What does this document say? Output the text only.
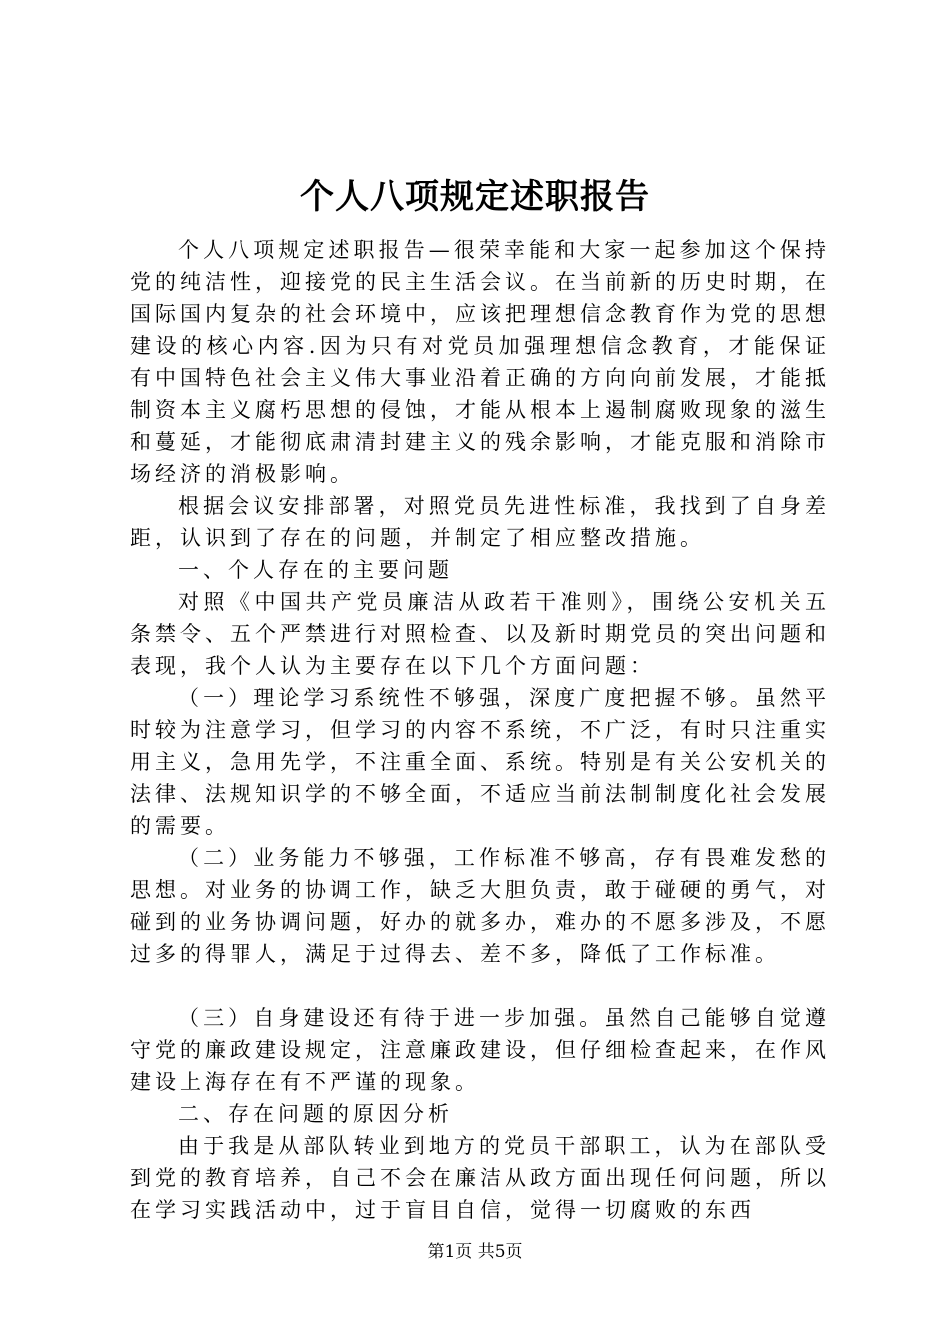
个人八项规定述职报告

个人八项规定述职报告—很荣幸能和大家一起参加这个保持党的纯洁性，迎接党的民主生活会议。在当前新的历史时期，在国际国内复杂的社会环境中，应该把理想信念教育作为党的思想建设的核心内容.因为只有对党员加强理想信念教育，才能保证有中国特色社会主义伟大事业沿着正确的方向向前发展，才能抵制资本主义腐朽思想的侵蚀，才能从根本上遏制腐败现象的滋生和蔓延，才能彻底肃清封建主义的残余影响，才能克服和消除市场经济的消极影响。

根据会议安排部署，对照党员先进性标准，我找到了自身差距，认识到了存在的问题，并制定了相应整改措施。

一、个人存在的主要问题

对照《中国共产党员廉洁从政若干准则》，围绕公安机关五条禁令、五个严禁进行对照检查、以及新时期党员的突出问题和表现，我个人认为主要存在以下几个方面问题：

（一）理论学习系统性不够强，深度广度把握不够。虽然平时较为注意学习，但学习的内容不系统，不广泛，有时只注重实用主义，急用先学，不注重全面、系统。特别是有关公安机关的法律、法规知识学的不够全面，不适应当前法制制度化社会发展的需要。

（二）业务能力不够强，工作标准不够高，存有畏难发愁的思想。对业务的协调工作，缺乏大胆负责，敢于碰硬的勇气，对碰到的业务协调问题，好办的就多办，难办的不愿多涉及，不愿过多的得罪人，满足于过得去、差不多，降低了工作标准。

（三）自身建设还有待于进一步加强。虽然自己能够自觉遵守党的廉政建设规定，注意廉政建设，但仔细检查起来，在作风建设上海存在有不严谨的现象。

二、存在问题的原因分析

由于我是从部队转业到地方的党员干部职工，认为在部队受到党的教育培养，自己不会在廉洁从政方面出现任何问题，所以在学习实践活动中，过于盲目自信，觉得一切腐败的东西

第1页 共5页
